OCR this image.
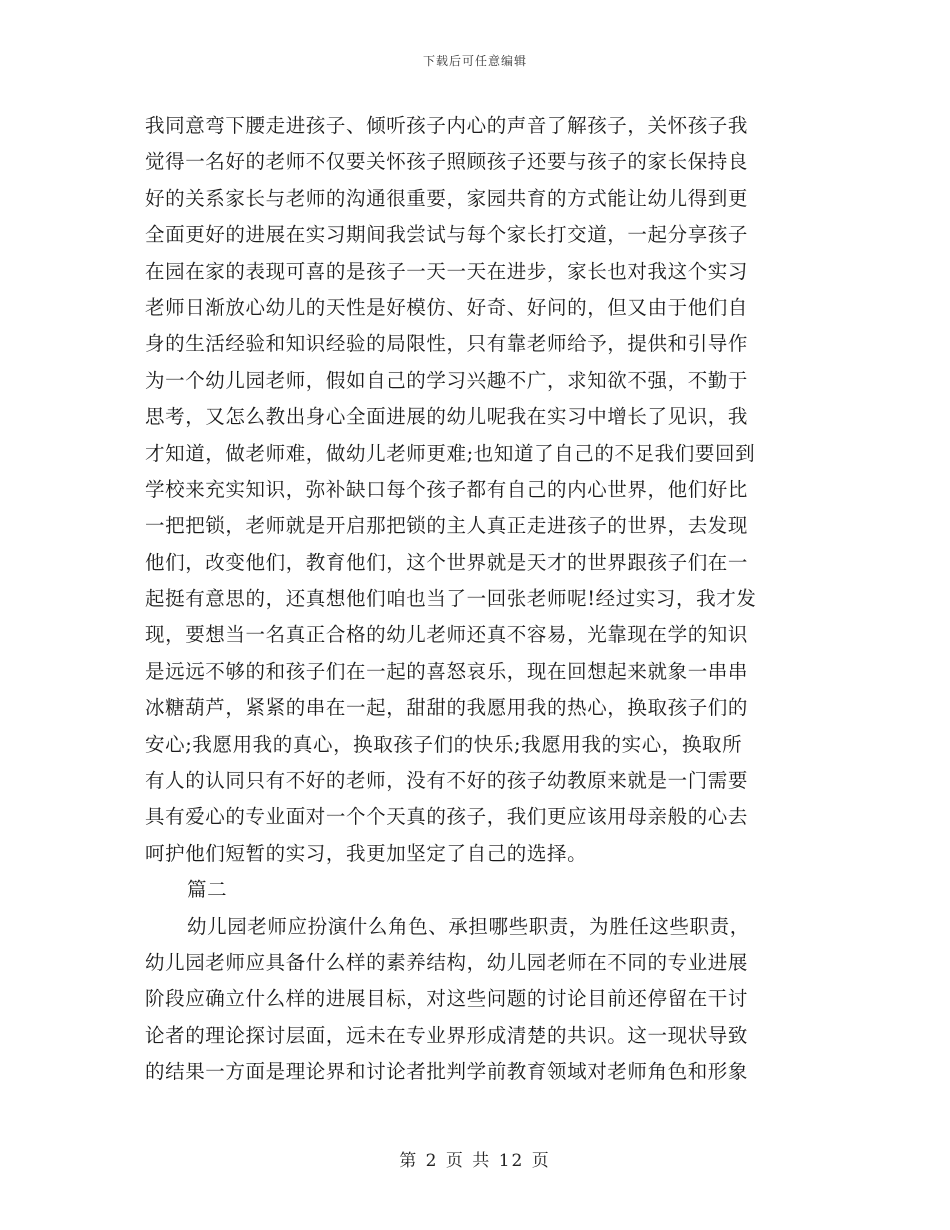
下载后可任意编辑
我同意弯下腰走进孩子、倾听孩子内心的声音了解孩子，关怀孩子我
觉得一名好的老师不仅要关怀孩子照顾孩子还要与孩子的家长保持良
好的关系家长与老师的沟通很重要，家园共育的方式能让幼儿得到更
全面更好的进展在实习期间我尝试与每个家长打交道，一起分享孩子
在园在家的表现可喜的是孩子一天一天在进步，家长也对我这个实习
老师日渐放心幼儿的天性是好模仿、好奇、好问的，但又由于他们自
身的生活经验和知识经验的局限性，只有靠老师给予，提供和引导作
为一个幼儿园老师，假如自己的学习兴趣不广，求知欲不强，不勤于
思考，又怎么教出身心全面进展的幼儿呢我在实习中增长了见识，我
才知道，做老师难，做幼儿老师更难;也知道了自己的不足我们要回到
学校来充实知识，弥补缺口每个孩子都有自己的内心世界，他们好比
一把把锁，老师就是开启那把锁的主人真正走进孩子的世界，去发现
他们，改变他们，教育他们，这个世界就是天才的世界跟孩子们在一
起挺有意思的，还真想他们咱也当了一回张老师呢!经过实习，我才发
现，要想当一名真正合格的幼儿老师还真不容易，光靠现在学的知识
是远远不够的和孩子们在一起的喜怒哀乐，现在回想起来就象一串串
冰糖葫芦，紧紧的串在一起，甜甜的我愿用我的热心，换取孩子们的
安心;我愿用我的真心，换取孩子们的快乐;我愿用我的实心，换取所
有人的认同只有不好的老师，没有不好的孩子幼教原来就是一门需要
具有爱心的专业面对一个个天真的孩子，我们更应该用母亲般的心去
呵护他们短暂的实习，我更加坚定了自己的选择。
篇二
幼儿园老师应扮演什么角色、承担哪些职责，为胜任这些职责，
幼儿园老师应具备什么样的素养结构，幼儿园老师在不同的专业进展
阶段应确立什么样的进展目标，对这些问题的讨论目前还停留在干讨
论者的理论探讨层面，远未在专业界形成清楚的共识。这一现状导致
的结果一方面是理论界和讨论者批判学前教育领域对老师角色和形象
第 2 页 共 12 页
